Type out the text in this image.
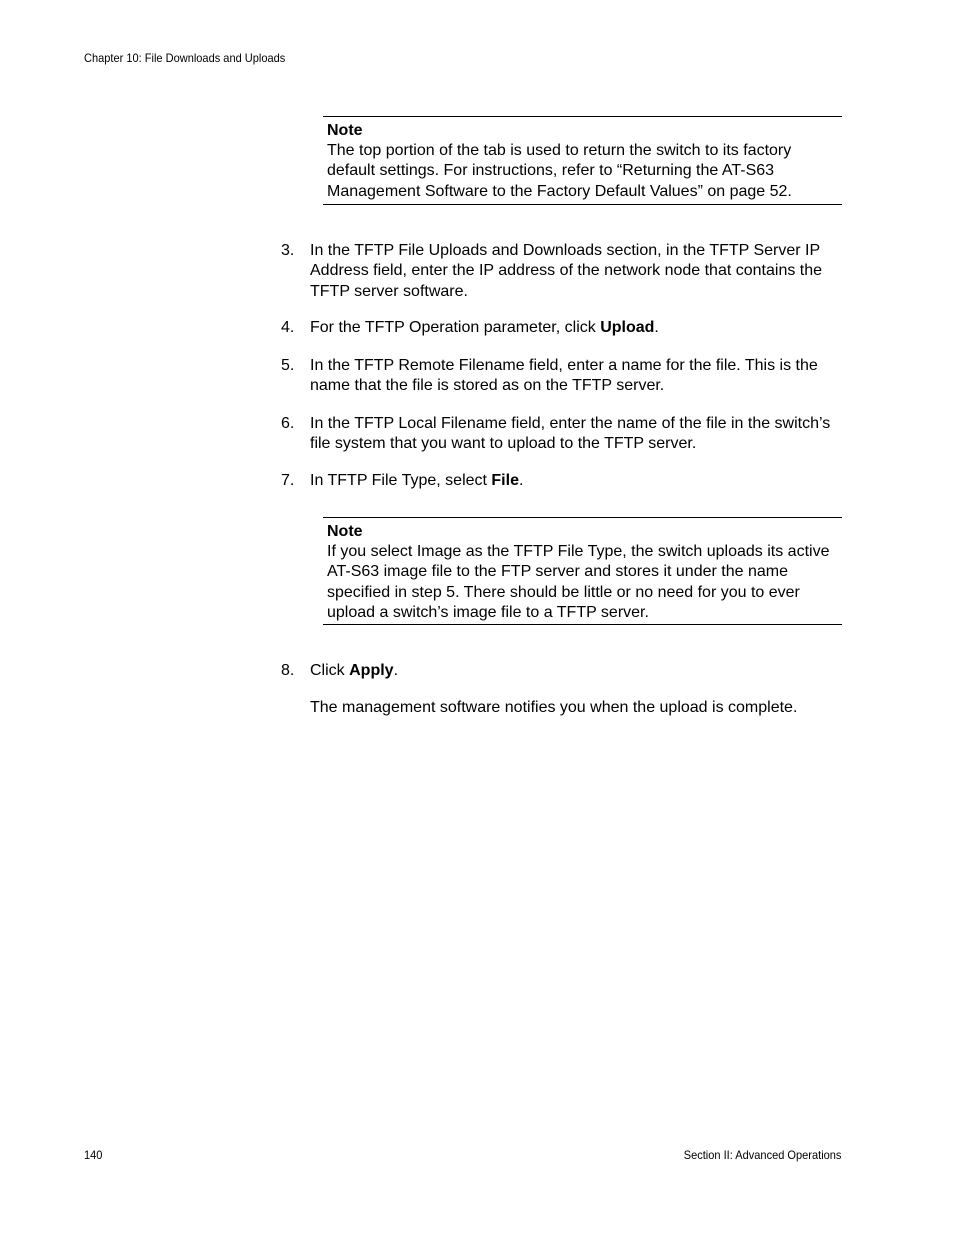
Chapter 10: File Downloads and Uploads
Note
The top portion of the tab is used to return the switch to its factory default settings. For instructions, refer to “Returning the AT-S63 Management Software to the Factory Default Values” on page 52.
3. In the TFTP File Uploads and Downloads section, in the TFTP Server IP Address field, enter the IP address of the network node that contains the TFTP server software.
4. For the TFTP Operation parameter, click Upload.
5. In the TFTP Remote Filename field, enter a name for the file. This is the name that the file is stored as on the TFTP server.
6. In the TFTP Local Filename field, enter the name of the file in the switch’s file system that you want to upload to the TFTP server.
7. In TFTP File Type, select File.
Note
If you select Image as the TFTP File Type, the switch uploads its active AT-S63 image file to the FTP server and stores it under the name specified in step 5. There should be little or no need for you to ever upload a switch’s image file to a TFTP server.
8. Click Apply.
The management software notifies you when the upload is complete.
140	Section II: Advanced Operations
